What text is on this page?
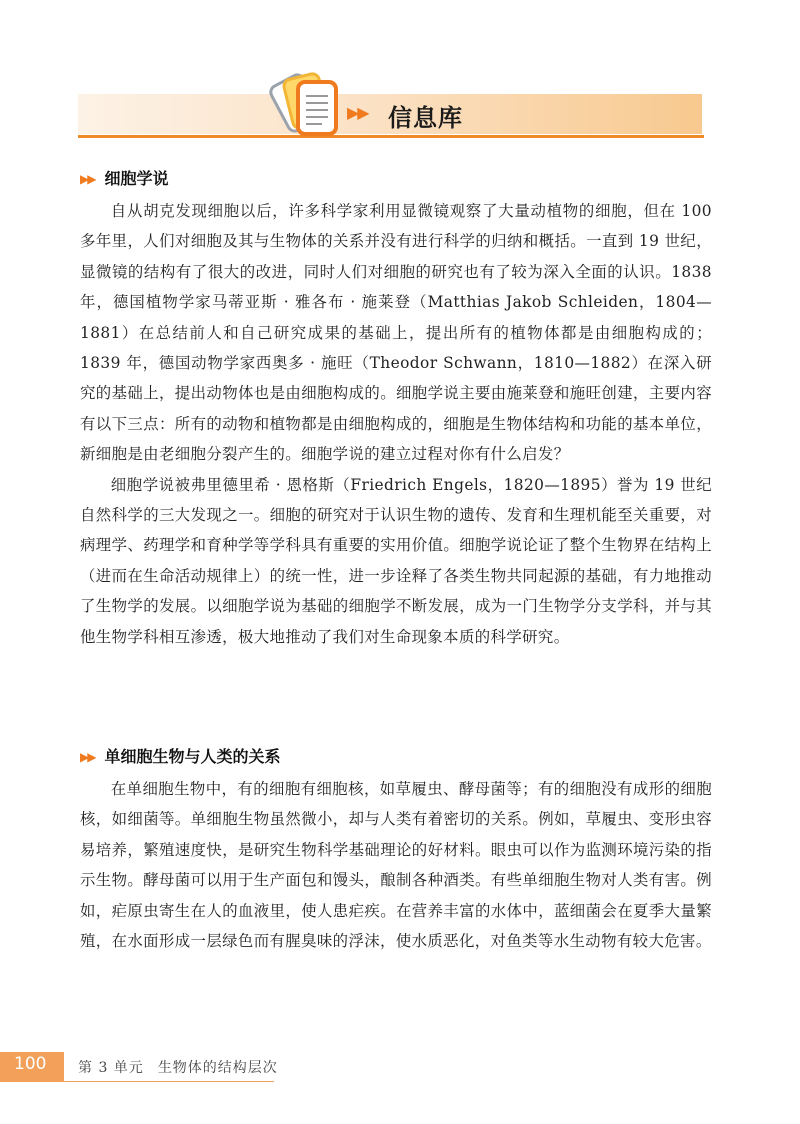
▶▶ 信息库
▶▶ 细胞学说

自从胡克发现细胞以后，许多科学家利用显微镜观察了大量动植物的细胞，但在 100 多年里，人们对细胞及其与生物体的关系并没有进行科学的归纳和概括。一直到 19 世纪，显微镜的结构有了很大的改进，同时人们对细胞的研究也有了较为深入全面的认识。1838 年，德国植物学家马蒂亚斯 · 雅各布 · 施莱登（Matthias Jakob Schleiden，1804—1881）在总结前人和自己研究成果的基础上，提出所有的植物体都是由细胞构成的；1839 年，德国动物学家西奥多 · 施旺（Theodor Schwann，1810—1882）在深入研究的基础上，提出动物体也是由细胞构成的。细胞学说主要由施莱登和施旺创建，主要内容有以下三点：所有的动物和植物都是由细胞构成的，细胞是生物体结构和功能的基本单位，新细胞是由老细胞分裂产生的。细胞学说的建立过程对你有什么启发？

细胞学说被弗里德里希 · 恩格斯（Friedrich Engels，1820—1895）誉为 19 世纪自然科学的三大发现之一。细胞的研究对于认识生物的遗传、发育和生理机能至关重要，对病理学、药理学和育种学等学科具有重要的实用价值。细胞学说论证了整个生物界在结构上（进而在生命活动规律上）的统一性，进一步诠释了各类生物共同起源的基础，有力地推动了生物学的发展。以细胞学说为基础的细胞学不断发展，成为一门生物学分支学科，并与其他生物学科相互渗透，极大地推动了我们对生命现象本质的科学研究。

▶▶ 单细胞生物与人类的关系

在单细胞生物中，有的细胞有细胞核，如草履虫、酵母菌等；有的细胞没有成形的细胞核，如细菌等。单细胞生物虽然微小，却与人类有着密切的关系。例如，草履虫、变形虫容易培养，繁殖速度快，是研究生物科学基础理论的好材料。眼虫可以作为监测环境污染的指示生物。酵母菌可以用于生产面包和馒头，酿制各种酒类。有些单细胞生物对人类有害。例如，疟原虫寄生在人的血液里，使人患疟疾。在营养丰富的水体中，蓝细菌会在夏季大量繁殖，在水面形成一层绿色而有腥臭味的浮沫，使水质恶化，对鱼类等水生动物有较大危害。

100 第 3 单元 生物体的结构层次
